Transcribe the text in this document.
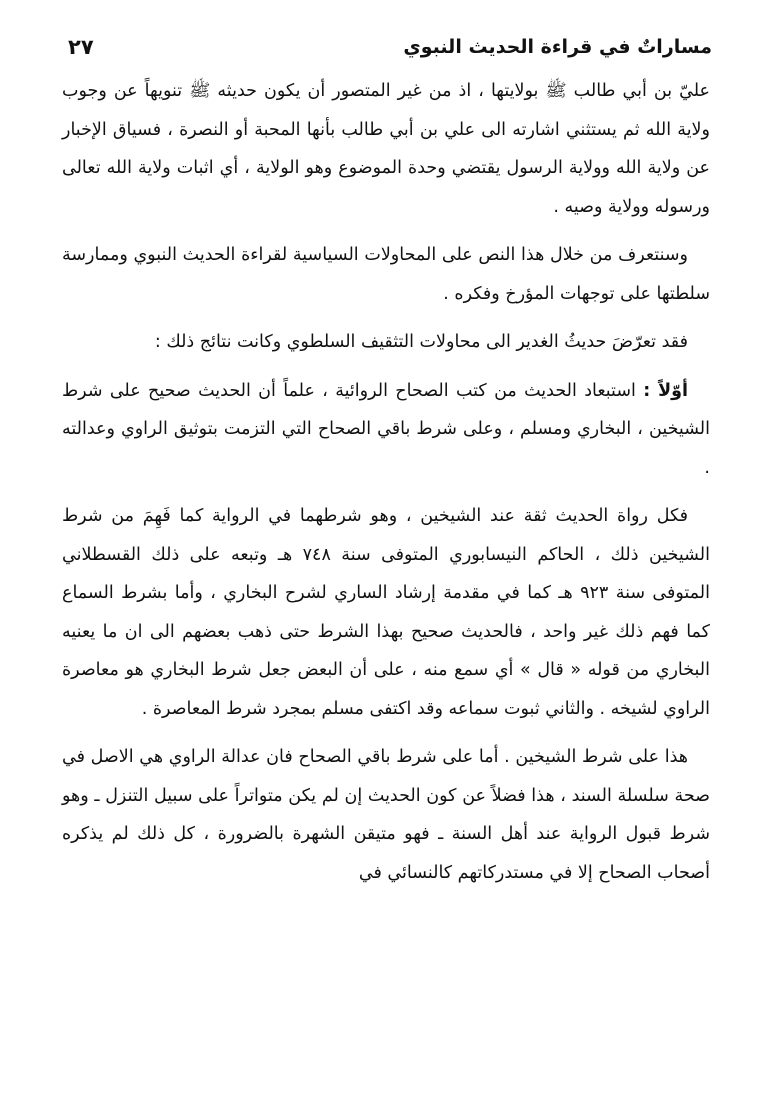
مساراتٌ في قراءة الحديث النبوي
٢٧

عليّ بن أبي طالب ﷺ بولايتها ، اذ من غير المتصور أن يكون حديثه ﷺ تنويهاً عن وجوب ولاية الله ثم يستثني اشارته الى علي بن أبي طالب بأنها المحبة أو النصرة ، فسياق الإخبار عن ولاية الله وولاية الرسول يقتضي وحدة الموضوع وهو الولاية ، أي اثبات ولاية الله تعالى ورسوله وولاية وصيه .

وسنتعرف من خلال هذا النص على المحاولات السياسية لقراءة الحديث النبوي وممارسة سلطتها على توجهات المؤرخ وفكره .

فقد تعرّضَ حديثُ الغدير الى محاولات التثقيف السلطوي وكانت نتائج ذلك :

أوّلاً : استبعاد الحديث من كتب الصحاح الروائية ، علماً أن الحديث صحيح على شرط الشيخين ، البخاري ومسلم ، وعلى شرط باقي الصحاح التي التزمت بتوثيق الراوي وعدالته .

فكل رواة الحديث ثقة عند الشيخين ، وهو شرطهما في الرواية كما فَهِمَ من شرط الشيخين ذلك ، الحاكم النيسابوري المتوفى سنة ٧٤٨ هـ وتبعه على ذلك القسطلاني المتوفى سنة ٩٢٣ هـ كما في مقدمة إرشاد الساري لشرح البخاري ، وأما بشرط السماع كما فهم ذلك غير واحد ، فالحديث صحيح بهذا الشرط حتى ذهب بعضهم الى ان ما يعنيه البخاري من قوله « قال » أي سمع منه ، على أن البعض جعل شرط البخاري هو معاصرة الراوي لشيخه . والثاني ثبوت سماعه وقد اكتفى مسلم بمجرد شرط المعاصرة .

هذا على شرط الشيخين . أما على شرط باقي الصحاح فان عدالة الراوي هي الاصل في صحة سلسلة السند ، هذا فضلاً عن كون الحديث إن لم يكن متواتراً على سبيل التنزل ـ وهو شرط قبول الرواية عند أهل السنة ـ فهو متيقن الشهرة بالضرورة ، كل ذلك لم يذكره أصحاب الصحاح إلا في مستدركاتهم كالنسائي في
